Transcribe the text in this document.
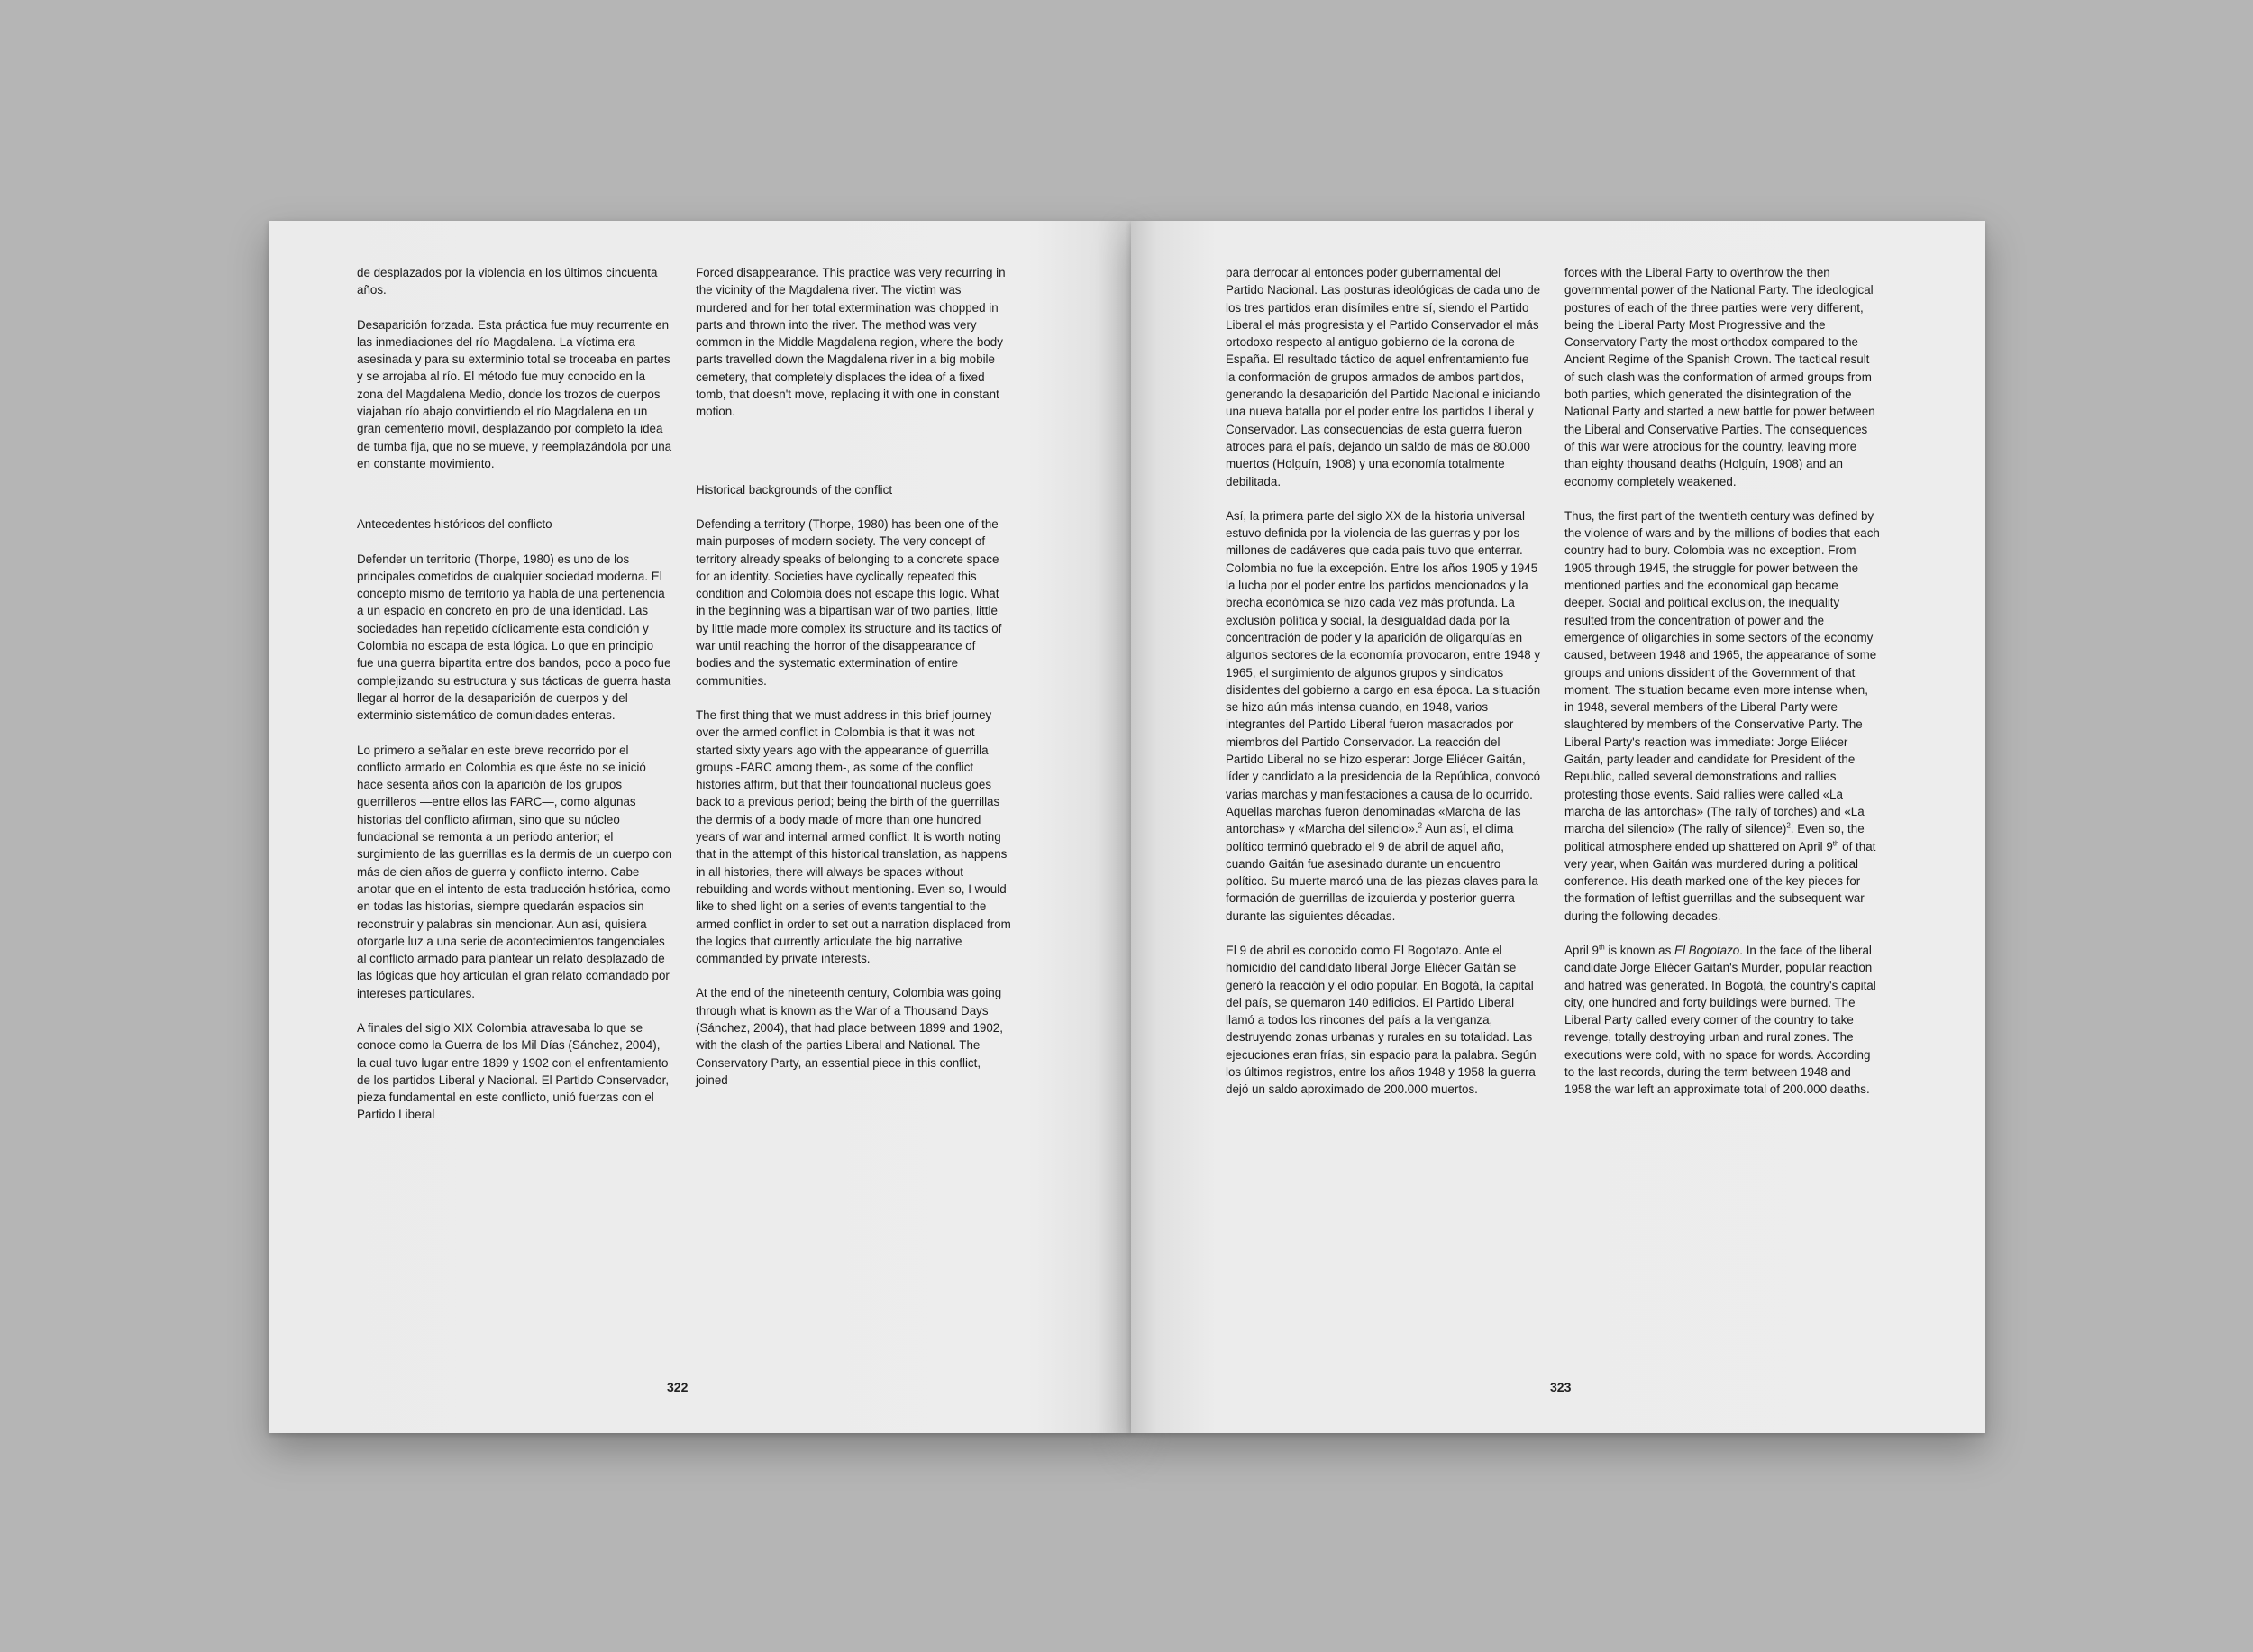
de desplazados por la violencia en los últimos cincuenta años.

Desaparición forzada. Esta práctica fue muy recurrente en las inmediaciones del río Magdalena. La víctima era asesinada y para su exterminio total se troceaba en partes y se arrojaba al río. El método fue muy conocido en la zona del Magdalena Medio, donde los trozos de cuerpos viajaban río abajo convirtiendo el río Magdalena en un gran cementerio móvil, desplazando por completo la idea de tumba fija, que no se mueve, y reemplazándola por una en constante movimiento.

Antecedentes históricos del conflicto

Defender un territorio (Thorpe, 1980) es uno de los principales cometidos de cualquier sociedad moderna. El concepto mismo de territorio ya habla de una pertenencia a un espacio en concreto en pro de una identidad. Las sociedades han repetido cíclicamente esta condición y Colombia no escapa de esta lógica. Lo que en principio fue una guerra bipartita entre dos bandos, poco a poco fue complejizando su estructura y sus tácticas de guerra hasta llegar al horror de la desaparición de cuerpos y del exterminio sistemático de comunidades enteras.

Lo primero a señalar en este breve recorrido por el conflicto armado en Colombia es que éste no se inició hace sesenta años con la aparición de los grupos guerrilleros —entre ellos las FARC—, como algunas historias del conflicto afirman, sino que su núcleo fundacional se remonta a un periodo anterior; el surgimiento de las guerrillas es la dermis de un cuerpo con más de cien años de guerra y conflicto interno. Cabe anotar que en el intento de esta traducción histórica, como en todas las historias, siempre quedarán espacios sin reconstruir y palabras sin mencionar. Aun así, quisiera otorgarle luz a una serie de acontecimientos tangenciales al conflicto armado para plantear un relato desplazado de las lógicas que hoy articulan el gran relato comandado por intereses particulares.

A finales del siglo XIX Colombia atravesaba lo que se conoce como la Guerra de los Mil Días (Sánchez, 2004), la cual tuvo lugar entre 1899 y 1902 con el enfrentamiento de los partidos Liberal y Nacional. El Partido Conservador, pieza fundamental en este conflicto, unió fuerzas con el Partido Liberal

Forced disappearance. This practice was very recurring in the vicinity of the Magdalena river. The victim was murdered and for her total extermination was chopped in parts and thrown into the river. The method was very common in the Middle Magdalena region, where the body parts travelled down the Magdalena river in a big mobile cemetery, that completely displaces the idea of a fixed tomb, that doesn't move, replacing it with one in constant motion.

Historical backgrounds of the conflict

Defending a territory (Thorpe, 1980) has been one of the main purposes of modern society. The very concept of territory already speaks of belonging to a concrete space for an identity. Societies have cyclically repeated this condition and Colombia does not escape this logic. What in the beginning was a bipartisan war of two parties, little by little made more complex its structure and its tactics of war until reaching the horror of the disappearance of bodies and the systematic extermination of entire communities.

The first thing that we must address in this brief journey over the armed conflict in Colombia is that it was not started sixty years ago with the appearance of guerrilla groups -FARC among them-, as some of the conflict histories affirm, but that their foundational nucleus goes back to a previous period; being the birth of the guerrillas the dermis of a body made of more than one hundred years of war and internal armed conflict. It is worth noting that in the attempt of this historical translation, as happens in all histories, there will always be spaces without rebuilding and words without mentioning. Even so, I would like to shed light on a series of events tangential to the armed conflict in order to set out a narration displaced from the logics that currently articulate the big narrative commanded by private interests.

At the end of the nineteenth century, Colombia was going through what is known as the War of a Thousand Days (Sánchez, 2004), that had place between 1899 and 1902, with the clash of the parties Liberal and National. The Conservatory Party, an essential piece in this conflict, joined

322

para derrocar al entonces poder gubernamental del Partido Nacional. Las posturas ideológicas de cada uno de los tres partidos eran disímiles entre sí, siendo el Partido Liberal el más progresista y el Partido Conservador el más ortodoxo respecto al antiguo gobierno de la corona de España. El resultado táctico de aquel enfrentamiento fue la conformación de grupos armados de ambos partidos, generando la desaparición del Partido Nacional e iniciando una nueva batalla por el poder entre los partidos Liberal y Conservador. Las consecuencias de esta guerra fueron atroces para el país, dejando un saldo de más de 80.000 muertos (Holguín, 1908) y una economía totalmente debilitada.

Así, la primera parte del siglo XX de la historia universal estuvo definida por la violencia de las guerras y por los millones de cadáveres que cada país tuvo que enterrar. Colombia no fue la excepción. Entre los años 1905 y 1945 la lucha por el poder entre los partidos mencionados y la brecha económica se hizo cada vez más profunda. La exclusión política y social, la desigualdad dada por la concentración de poder y la aparición de oligarquías en algunos sectores de la economía provocaron, entre 1948 y 1965, el surgimiento de algunos grupos y sindicatos disidentes del gobierno a cargo en esa época. La situación se hizo aún más intensa cuando, en 1948, varios integrantes del Partido Liberal fueron masacrados por miembros del Partido Conservador. La reacción del Partido Liberal no se hizo esperar: Jorge Eliécer Gaitán, líder y candidato a la presidencia de la República, convocó varias marchas y manifestaciones a causa de lo ocurrido. Aquellas marchas fueron denominadas «Marcha de las antorchas» y «Marcha del silencio».$^2$ Aun así, el clima político terminó quebrado el 9 de abril de aquel año, cuando Gaitán fue asesinado durante un encuentro político. Su muerte marcó una de las piezas claves para la formación de guerrillas de izquierda y posterior guerra durante las siguientes décadas.

El 9 de abril es conocido como El Bogotazo. Ante el homicidio del candidato liberal Jorge Eliécer Gaitán se generó la reacción y el odio popular. En Bogotá, la capital del país, se quemaron 140 edificios. El Partido Liberal llamó a todos los rincones del país a la venganza, destruyendo zonas urbanas y rurales en su totalidad. Las ejecuciones eran frías, sin espacio para la palabra. Según los últimos registros, entre los años 1948 y 1958 la guerra dejó un saldo aproximado de 200.000 muertos.

forces with the Liberal Party to overthrow the then governmental power of the National Party. The ideological postures of each of the three parties were very different, being the Liberal Party Most Progressive and the Conservatory Party the most orthodox compared to the Ancient Regime of the Spanish Crown. The tactical result of such clash was the conformation of armed groups from both parties, which generated the disintegration of the National Party and started a new battle for power between the Liberal and Conservative Parties. The consequences of this war were atrocious for the country, leaving more than eighty thousand deaths (Holguín, 1908) and an economy completely weakened.

Thus, the first part of the twentieth century was defined by the violence of wars and by the millions of bodies that each country had to bury. Colombia was no exception. From 1905 through 1945, the struggle for power between the mentioned parties and the economical gap became deeper. Social and political exclusion, the inequality resulted from the concentration of power and the emergence of oligarchies in some sectors of the economy caused, between 1948 and 1965, the appearance of some groups and unions dissident of the Government of that moment. The situation became even more intense when, in 1948, several members of the Liberal Party were slaughtered by members of the Conservative Party. The Liberal Party's reaction was immediate: Jorge Eliécer Gaitán, party leader and candidate for President of the Republic, called several demonstrations and rallies protesting those events. Said rallies were called «La marcha de las antorchas» (The rally of torches) and «La marcha del silencio» (The rally of silence)$^2$. Even so, the political atmosphere ended up shattered on April 9th of that very year, when Gaitán was murdered during a political conference. His death marked one of the key pieces for the formation of leftist guerrillas and the subsequent war during the following decades.

April 9th is known as El Bogotazo. In the face of the liberal candidate Jorge Eliécer Gaitán's Murder, popular reaction and hatred was generated. In Bogotá, the country's capital city, one hundred and forty buildings were burned. The Liberal Party called every corner of the country to take revenge, totally destroying urban and rural zones. The executions were cold, with no space for words. According to the last records, during the term between 1948 and 1958 the war left an approximate total of 200.000 deaths.

323
